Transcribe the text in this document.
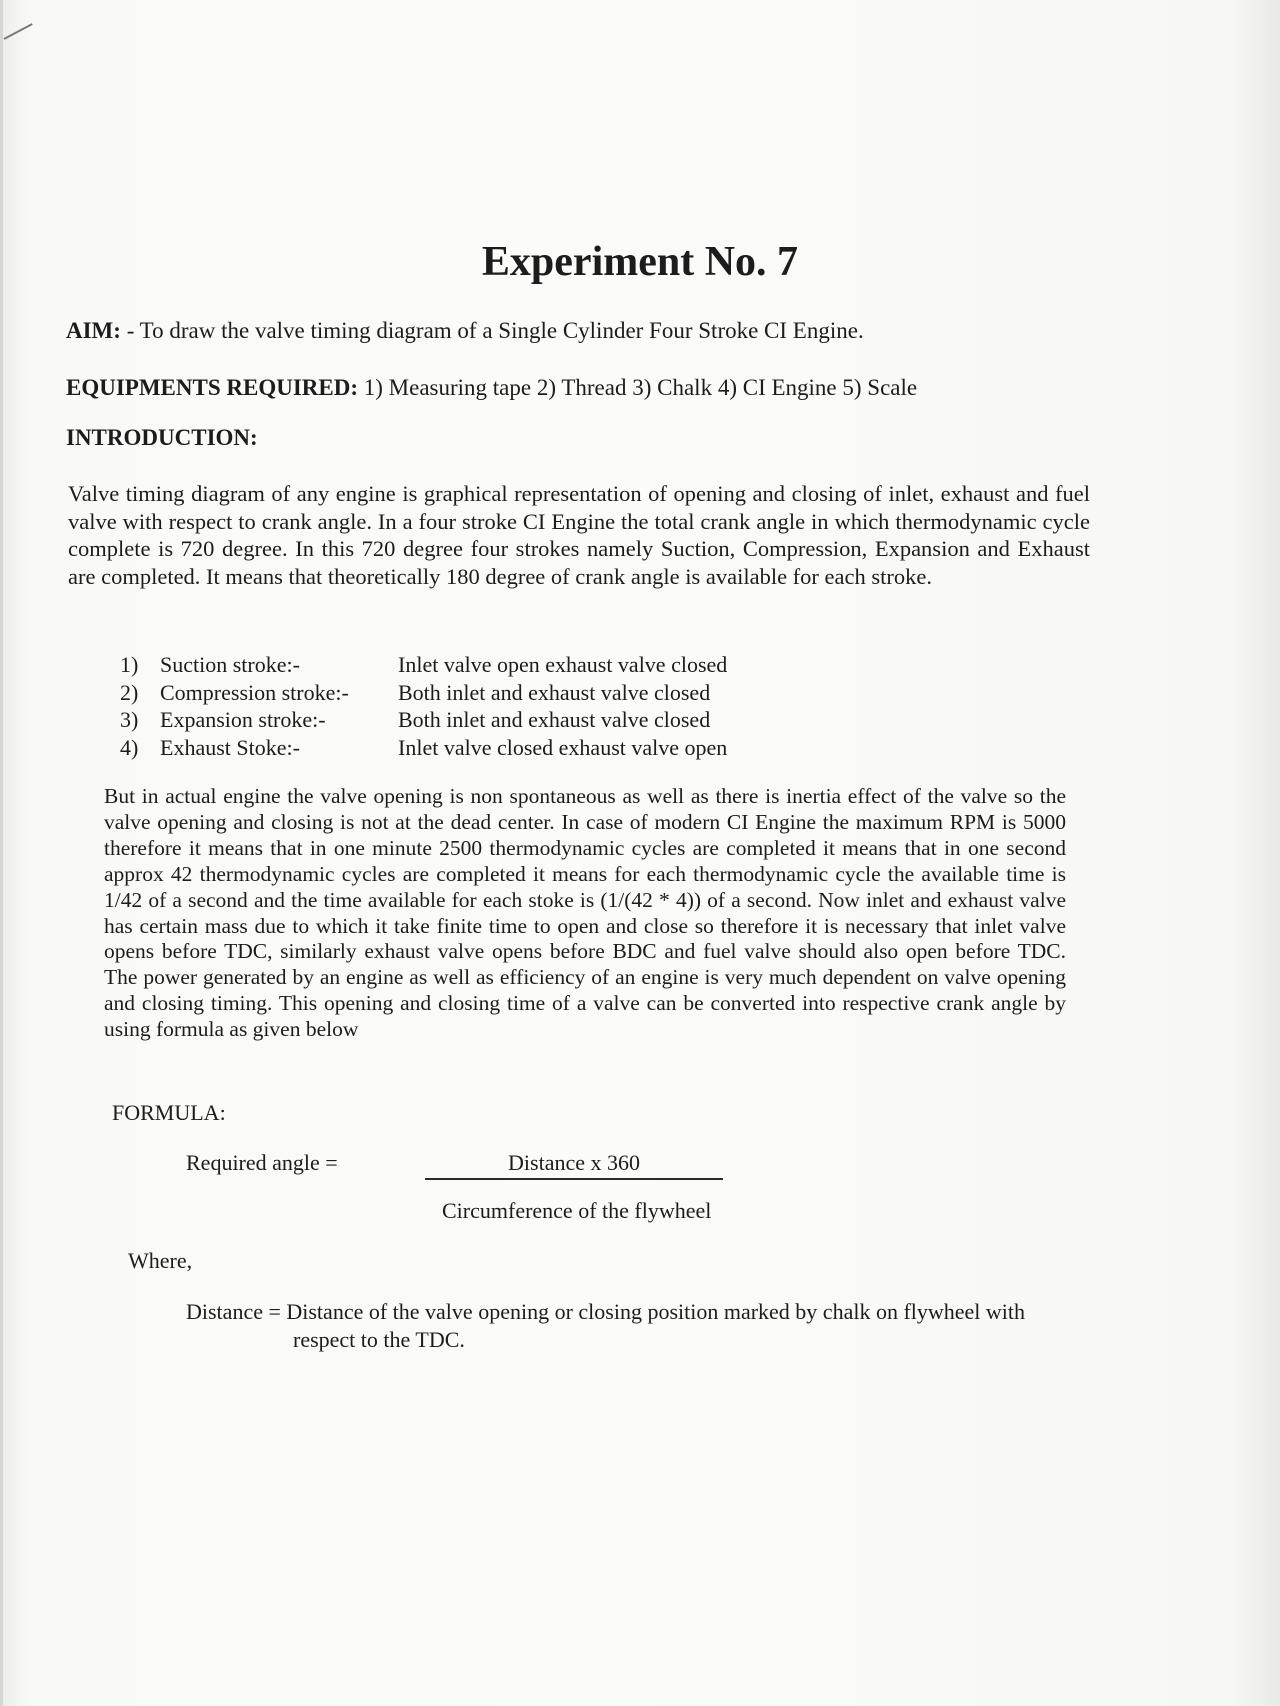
Experiment No. 7

AIM: - To draw the valve timing diagram of a Single Cylinder Four Stroke CI Engine.

EQUIPMENTS REQUIRED: 1) Measuring tape 2) Thread 3) Chalk 4) CI Engine 5) Scale

INTRODUCTION:

Valve timing diagram of any engine is graphical representation of opening and closing of inlet, exhaust and fuel valve with respect to crank angle. In a four stroke CI Engine the total crank angle in which thermodynamic cycle complete is 720 degree. In this 720 degree four strokes namely Suction, Compression, Expansion and Exhaust are completed. It means that theoretically 180 degree of crank angle is available for each stroke.

1) Suction stroke:-	Inlet valve open exhaust valve closed
2) Compression stroke:-	Both inlet and exhaust valve closed
3) Expansion stroke:-	Both inlet and exhaust valve closed
4) Exhaust Stoke:-	Inlet valve closed exhaust valve open

But in actual engine the valve opening is non spontaneous as well as there is inertia effect of the valve so the valve opening and closing is not at the dead center. In case of modern CI Engine the maximum RPM is 5000 therefore it means that in one minute 2500 thermodynamic cycles are completed it means that in one second approx 42 thermodynamic cycles are completed it means for each thermodynamic cycle the available time is 1/42 of a second and the time available for each stoke is (1/(42 * 4)) of a second. Now inlet and exhaust valve has certain mass due to which it take finite time to open and close so therefore it is necessary that inlet valve opens before TDC, similarly exhaust valve opens before BDC and fuel valve should also open before TDC. The power generated by an engine as well as efficiency of an engine is very much dependent on valve opening and closing timing. This opening and closing time of a valve can be converted into respective crank angle by using formula as given below

FORMULA:

Required angle =	Distance x 360

Circumference of the flywheel

Where,

Distance = Distance of the valve opening or closing position marked by chalk on flywheel with
respect to the TDC.
